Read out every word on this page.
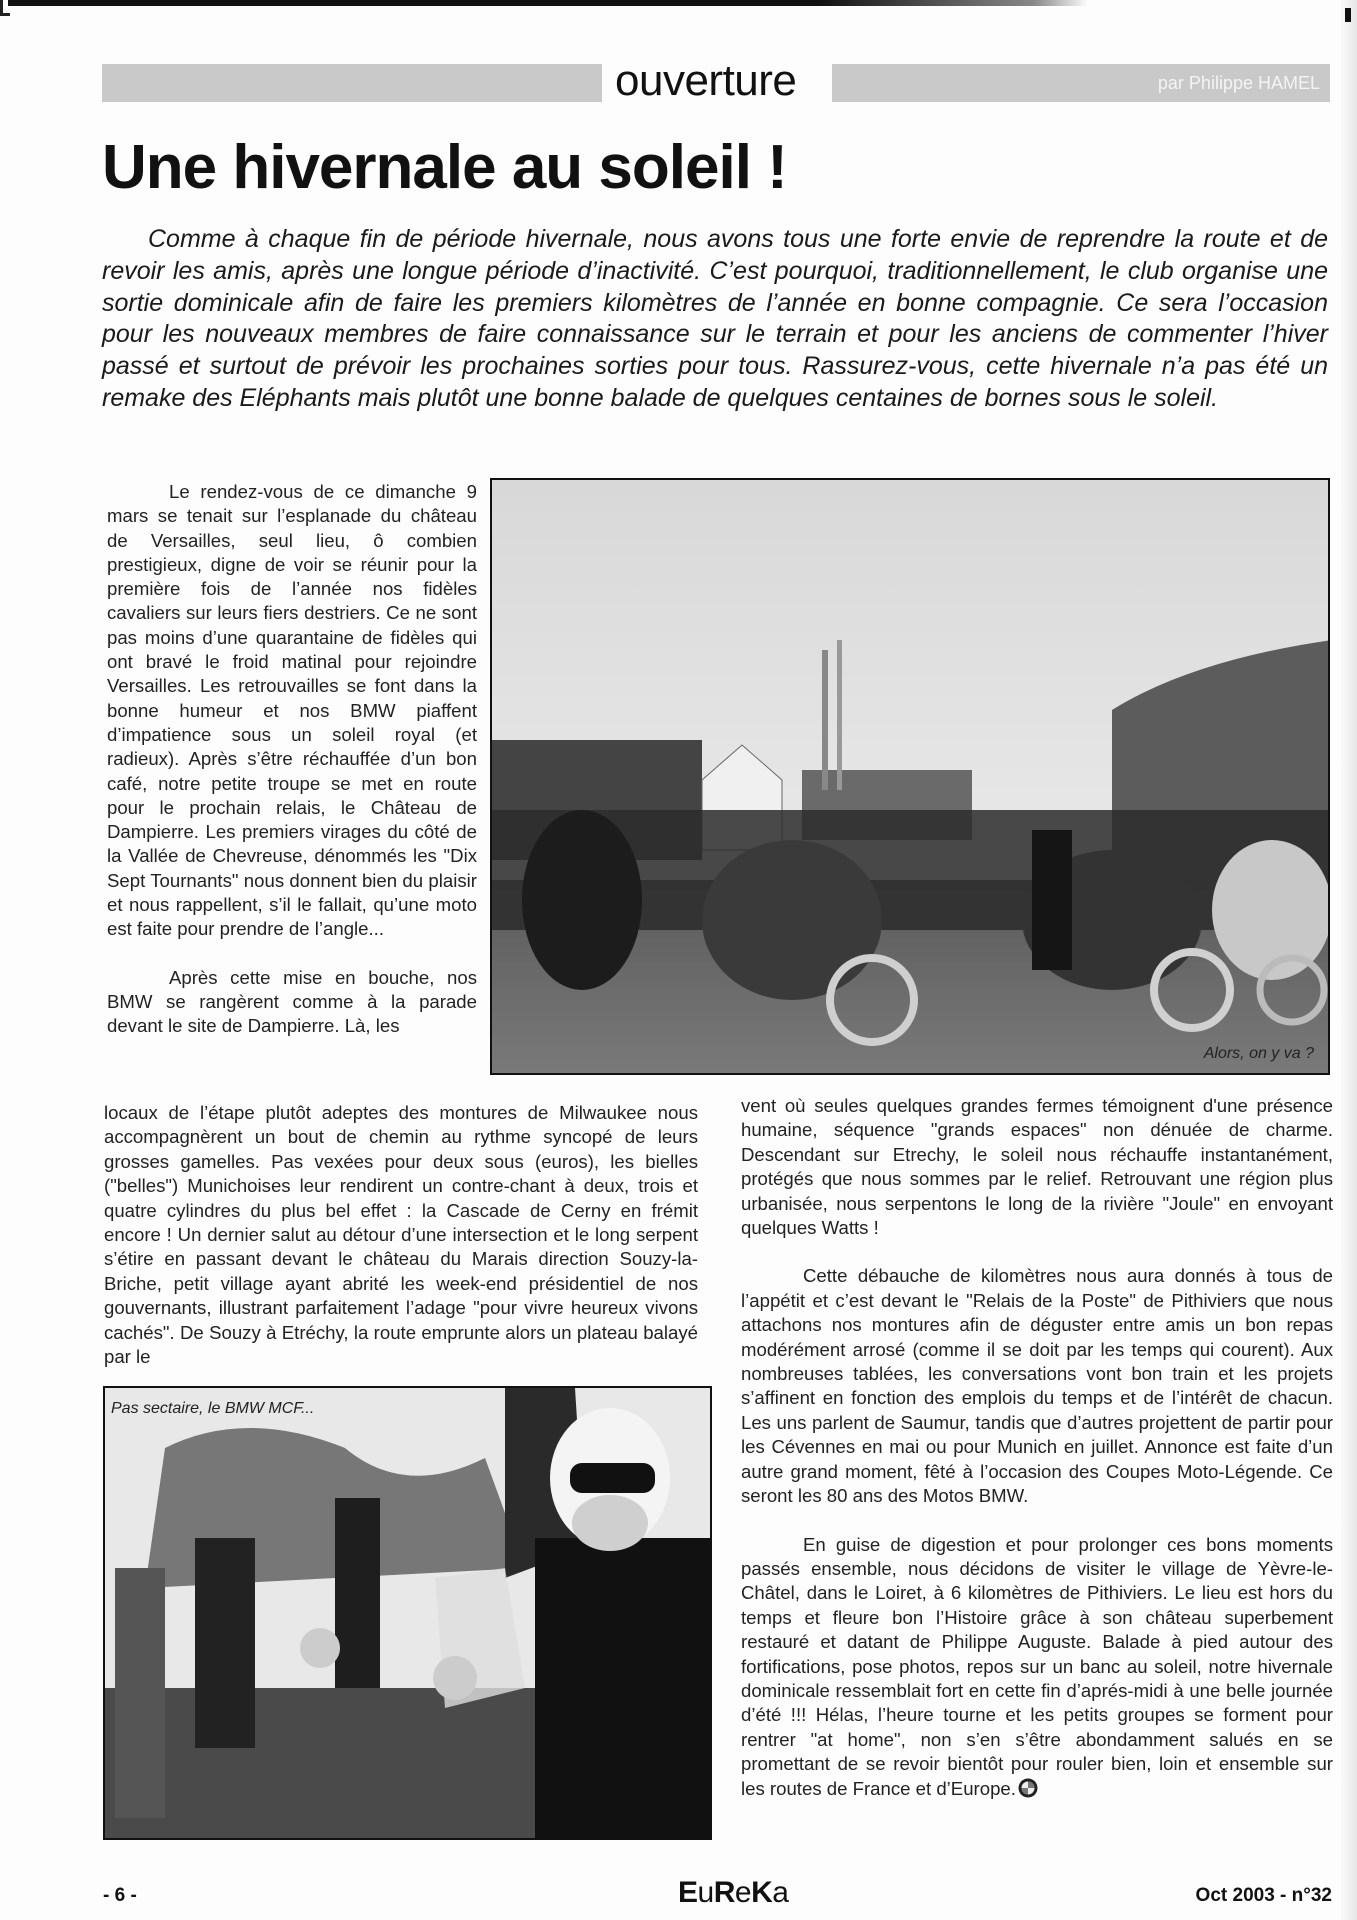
ouverture	par Philippe HAMEL
Une hivernale au soleil !
Comme à chaque fin de période hivernale, nous avons tous une forte envie de reprendre la route et de revoir les amis, après une longue période d’inactivité. C’est pourquoi, traditionnellement, le club organise une sortie dominicale afin de faire les premiers kilomètres de l’année en bonne compagnie. Ce sera l’occasion pour les nouveaux membres de faire connaissance sur le terrain et pour les anciens de commenter l’hiver passé et surtout de prévoir les prochaines sorties pour tous. Rassurez-vous, cette hivernale n’a pas été un remake des Eléphants mais plutôt une bonne balade de quelques centaines de bornes sous le soleil.

Le rendez-vous de ce dimanche 9 mars se tenait sur l’esplanade du château de Versailles, seul lieu, ô combien prestigieux, digne de voir se réunir pour la première fois de l’année nos fidèles cavaliers sur leurs fiers destriers. Ce ne sont pas moins d’une quarantaine de fidèles qui ont bravé le froid matinal pour rejoindre Versailles. Les retrouvailles se font dans la bonne humeur et nos BMW piaffent d’impatience sous un soleil royal (et radieux). Après s’être réchauffée d’un bon café, notre petite troupe se met en route pour le prochain relais, le Château de Dampierre. Les premiers virages du côté de la Vallée de Chevreuse, dénommés les "Dix Sept Tournants" nous donnent bien du plaisir et nous rappellent, s’il le fallait, qu’une moto est faite pour prendre de l’angle...

Après cette mise en bouche, nos BMW se rangèrent comme à la parade devant le site de Dampierre. Là, les

Alors, on y va ?
locaux de l’étape plutôt adeptes des montures de Milwaukee nous accompagnèrent un bout de chemin au rythme syncopé de leurs grosses gamelles. Pas vexées pour deux sous (euros), les bielles ("belles") Munichoises leur rendirent un contre-chant à deux, trois et quatre cylindres du plus bel effet : la Cascade de Cerny en frémit encore ! Un dernier salut au détour d’une intersection et le long serpent s’étire en passant devant le château du Marais direction Souzy-la-Briche, petit village ayant abrité les week-end présidentiel de nos gouvernants, illustrant parfaitement l’adage "pour vivre heureux vivons cachés". De Souzy à Etréchy, la route emprunte alors un plateau balayé par le
Pas sectaire, le BMW MCF...

vent où seules quelques grandes fermes témoignent d'une présence humaine, séquence "grands espaces" non dénuée de charme. Descendant sur Etrechy, le soleil nous réchauffe instantanément, protégés que nous sommes par le relief. Retrouvant une région plus urbanisée, nous serpentons le long de la rivière "Joule" en envoyant quelques Watts !

Cette débauche de kilomètres nous aura donnés à tous de l’appétit et c’est devant le "Relais de la Poste" de Pithiviers que nous attachons nos montures afin de déguster entre amis un bon repas modérément arrosé (comme il se doit par les temps qui courent). Aux nombreuses tablées, les conversations vont bon train et les projets s’affinent en fonction des emplois du temps et de l’intérêt de chacun. Les uns parlent de Saumur, tandis que d’autres projettent de partir pour les Cévennes en mai ou pour Munich en juillet. Annonce est faite d’un autre grand moment, fêté à l’occasion des Coupes Moto-Légende. Ce seront les 80 ans des Motos BMW.

En guise de digestion et pour prolonger ces bons moments passés ensemble, nous décidons de visiter le village de Yèvre-le-Châtel, dans le Loiret, à 6 kilomètres de Pithiviers. Le lieu est hors du temps et fleure bon l’Histoire grâce à son château superbement restauré et datant de Philippe Auguste. Balade à pied autour des fortifications, pose photos, repos sur un banc au soleil, notre hivernale dominicale ressemblait fort en cette fin d’aprés-midi à une belle journée d’été !!! Hélas, l’heure tourne et les petits groupes se forment pour rentrer "at home", non s’en s’être abondamment salués en se promettant de se revoir bientôt pour rouler bien, loin et ensemble sur les routes de France et d’Europe.

- 6 -	EuReKa	Oct 2003 - n°32
